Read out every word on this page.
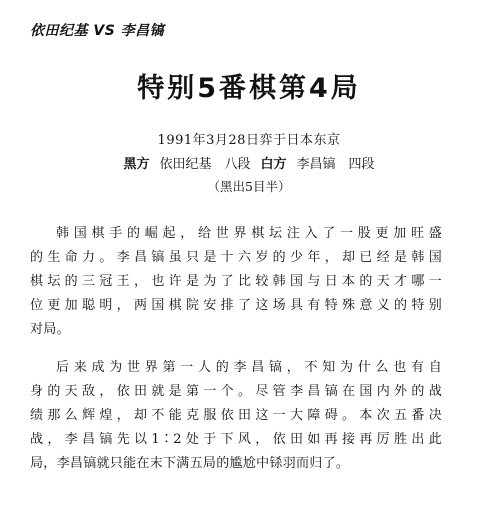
依田纪基 VS 李昌镐
特别5番棋第4局
1991年3月28日弈于日本东京
黑方 依田纪基　八段 白方 李昌镐　四段
（黑出5目半）
韩国棋手的崛起，给世界棋坛注入了一股更加旺盛
的生命力。李昌镐虽只是十六岁的少年，却已经是韩国
棋坛的三冠王，也许是为了比较韩国与日本的天才哪一
位更加聪明，两国棋院安排了这场具有特殊意义的特别
对局。
后来成为世界第一人的李昌镐，不知为什么也有自
身的天敌，依田就是第一个。尽管李昌镐在国内外的战
绩那么辉煌，却不能克服依田这一大障碍。本次五番决
战，李昌镐先以1∶2处于下风，依田如再接再厉胜出此
局，李昌镐就只能在末下满五局的尴尬中铩羽而归了。
